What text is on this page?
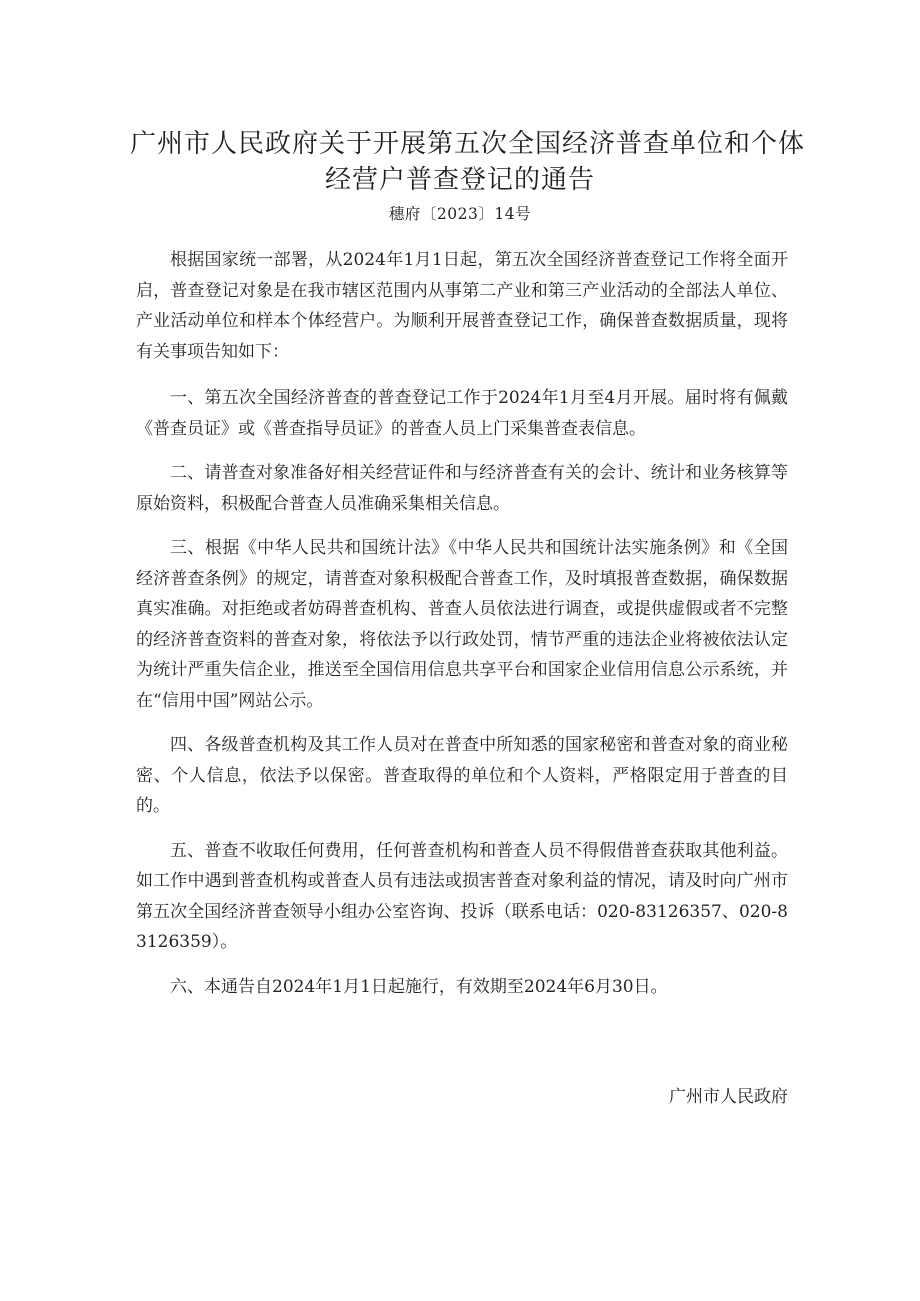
广州市人民政府关于开展第五次全国经济普查单位和个体
经营户普查登记的通告
穗府〔2023〕14号

根据国家统一部署，从2024年1月1日起，第五次全国经济普查登记工作将全面开启，普查登记对象是在我市辖区范围内从事第二产业和第三产业活动的全部法人单位、产业活动单位和样本个体经营户。为顺利开展普查登记工作，确保普查数据质量，现将有关事项告知如下：

一、第五次全国经济普查的普查登记工作于2024年1月至4月开展。届时将有佩戴《普查员证》或《普查指导员证》的普查人员上门采集普查表信息。

二、请普查对象准备好相关经营证件和与经济普查有关的会计、统计和业务核算等原始资料，积极配合普查人员准确采集相关信息。

三、根据《中华人民共和国统计法》《中华人民共和国统计法实施条例》和《全国经济普查条例》的规定，请普查对象积极配合普查工作，及时填报普查数据，确保数据真实准确。对拒绝或者妨碍普查机构、普查人员依法进行调查，或提供虚假或者不完整的经济普查资料的普查对象，将依法予以行政处罚，情节严重的违法企业将被依法认定为统计严重失信企业，推送至全国信用信息共享平台和国家企业信用信息公示系统，并在“信用中国”网站公示。

四、各级普查机构及其工作人员对在普查中所知悉的国家秘密和普查对象的商业秘密、个人信息，依法予以保密。普查取得的单位和个人资料，严格限定用于普查的目的。

五、普查不收取任何费用，任何普查机构和普查人员不得假借普查获取其他利益。如工作中遇到普查机构或普查人员有违法或损害普查对象利益的情况，请及时向广州市第五次全国经济普查领导小组办公室咨询、投诉（联系电话：020-83126357、020-83126359）。

六、本通告自2024年1月1日起施行，有效期至2024年6月30日。

广州市人民政府
